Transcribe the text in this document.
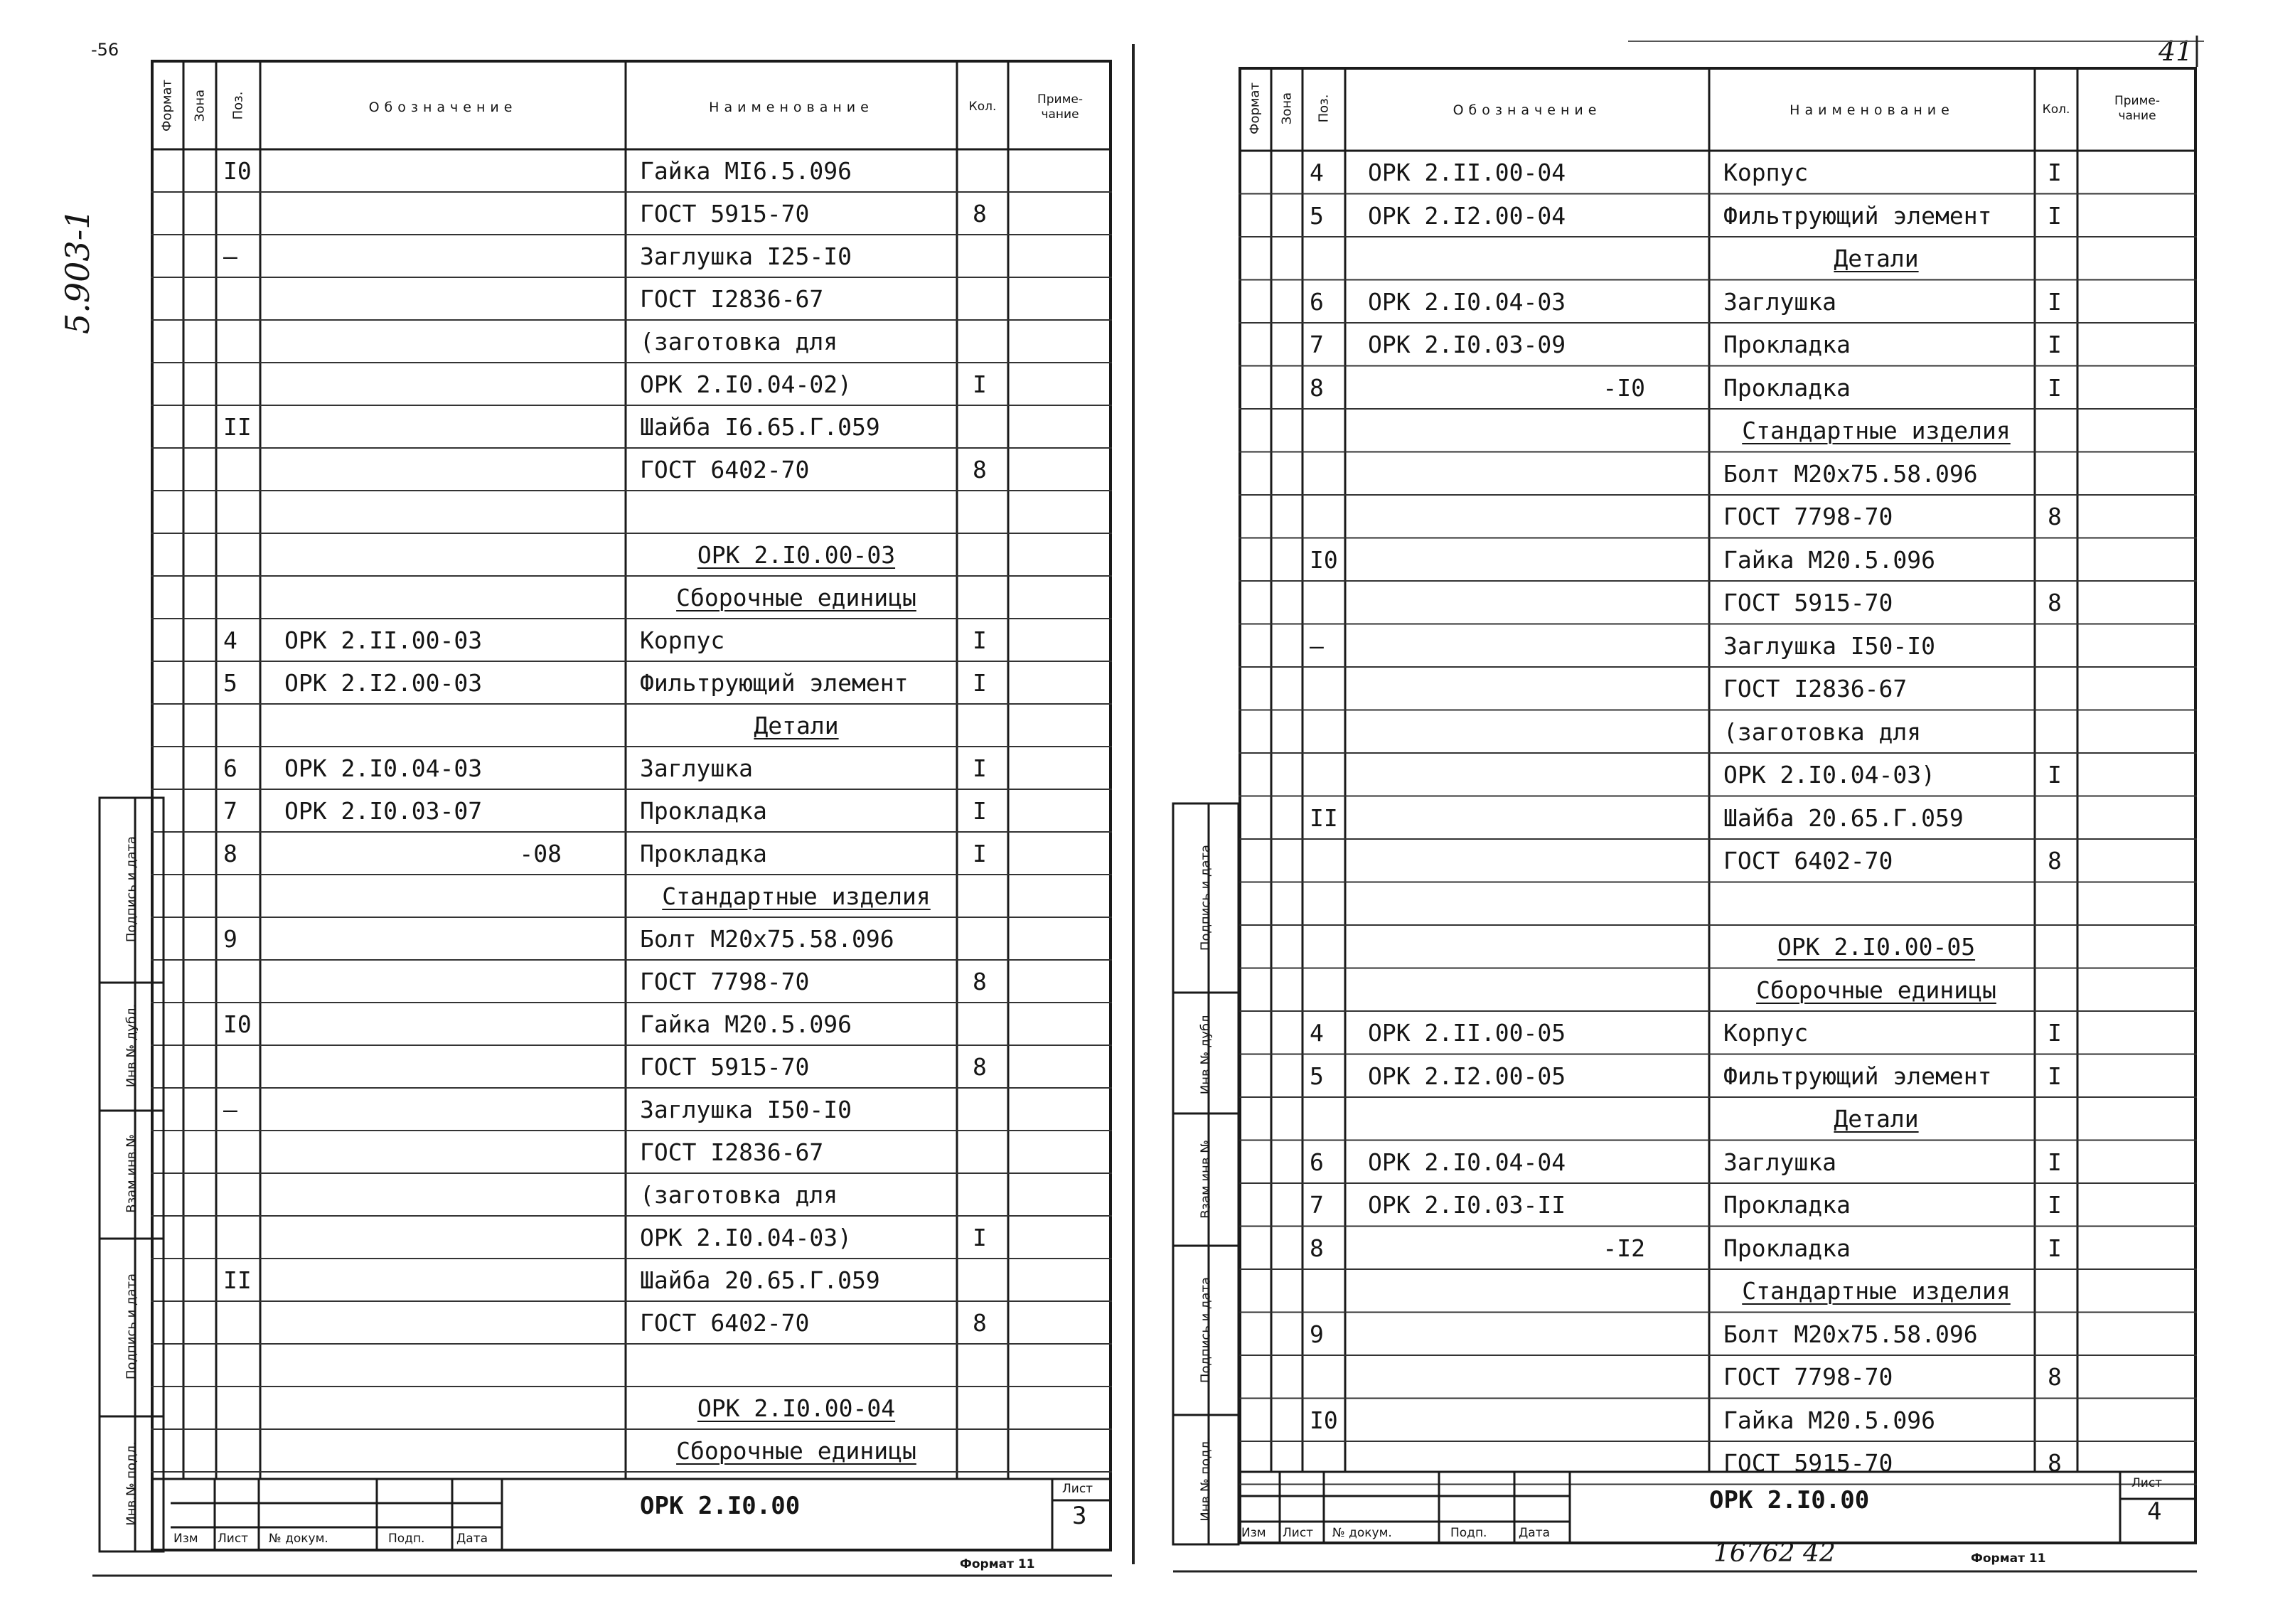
-56
5.903-1
Формат Зона Поз.	Обозначение	Наименование	Кол.	Приме-
чание
I0	Гайка МI6.5.096
ГОСТ 5915-70	8
–	Заглушка I25-I0
ГОСТ I2836-67
(заготовка для
ОРК 2.I0.04-02)	I
II	Шайба I6.65.Г.059
ГОСТ 6402-70	8
ОРК 2.I0.00-03
Сборочные единицы
4 ОРК 2.II.00-03	Корпус	I
5 ОРК 2.I2.00-03	Фильтрующий элемент	I
Детали
6 ОРК 2.I0.04-03	Заглушка	I
7 ОРК 2.I0.03-07	Прокладка	I
8	-08	Прокладка	I
Стандартные изделия
9	Болт М20х75.58.096
ГОСТ 7798-70	8
I0	Гайка М20.5.096
ГОСТ 5915-70	8
–	Заглушка I50-I0
ГОСТ I2836-67
(заготовка для
ОРК 2.I0.04-03)	I
II	Шайба 20.65.Г.059
ГОСТ 6402-70	8
ОРК 2.I0.00-04
Сборочные единицы
Подпись и дата
Инв.№ дубл.
Взам.инв.№
Подпись и дата
Инв.№ подл.
Изм Лист № докум.	Подп.	Дата
ОРК 2.I0.00
Лист
3
Формат 11
41
Формат Зона Поз.	Обозначение	Наименование	Кол.
Приме-
чание
4 ОРК 2.II.00-04	Корпус	I
5 ОРК 2.I2.00-04	Фильтрующий элемент	I
Детали
6 ОРК 2.I0.04-03	Заглушка	I
7 ОРК 2.I0.03-09	Прокладка	I
8	-I0	Прокладка	I
Стандартные изделия
Болт М20х75.58.096
ГОСТ 7798-70	8
I0	Гайка М20.5.096
ГОСТ 5915-70	8
–	Заглушка I50-I0
ГОСТ I2836-67
(заготовка для
ОРК 2.I0.04-03)	I
II	Шайба 20.65.Г.059
ГОСТ 6402-70	8
ОРК 2.I0.00-05
Сборочные единицы
4 ОРК 2.II.00-05	Корпус	I
5 ОРК 2.I2.00-05	Фильтрующий элемент	I
Детали
6 ОРК 2.I0.04-04	Заглушка	I
7 ОРК 2.I0.03-II	Прокладка	I
8	-I2	Прокладка	I
Стандартные изделия
9	Болт М20х75.58.096
ГОСТ 7798-70	8
I0	Гайка М20.5.096
ГОСТ 5915-70	8
Подпись и дата
Инв.№ дубл.
Взам.инв.№
Подпись и дата
Инв.№ подл.
Изм Лист № докум.	Подп.	Дата
ОРК 2.I0.00
Лист
4
16762 42	Формат 11
